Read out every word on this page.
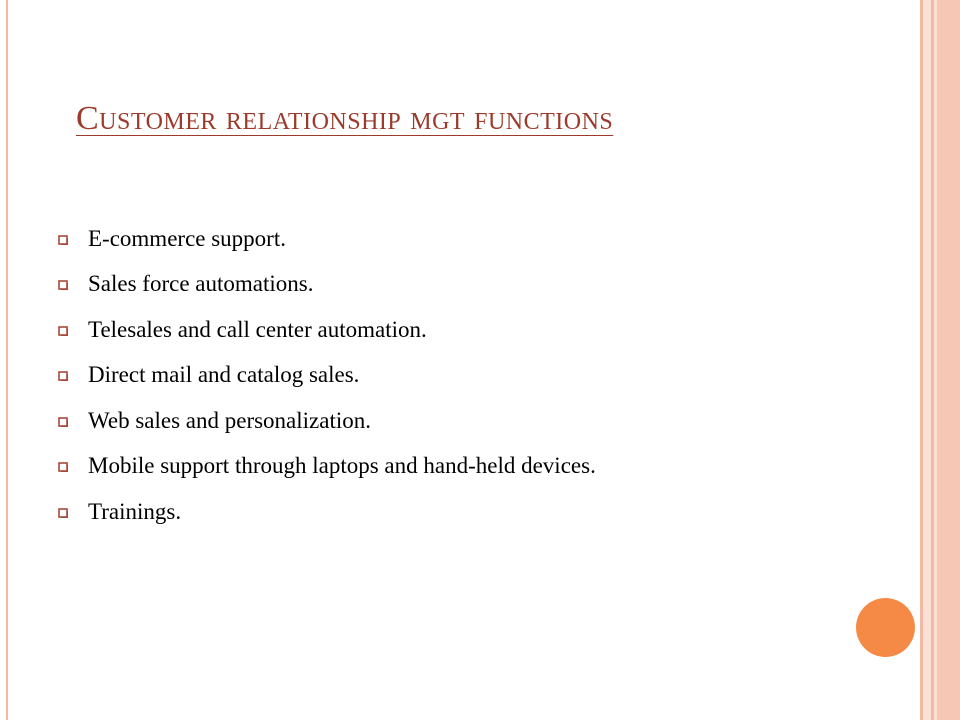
Customer relationship mgt functions
E-commerce support.
Sales force automations.
Telesales and call center automation.
Direct mail and catalog sales.
Web sales and personalization.
Mobile support through laptops and hand-held devices.
Trainings.
